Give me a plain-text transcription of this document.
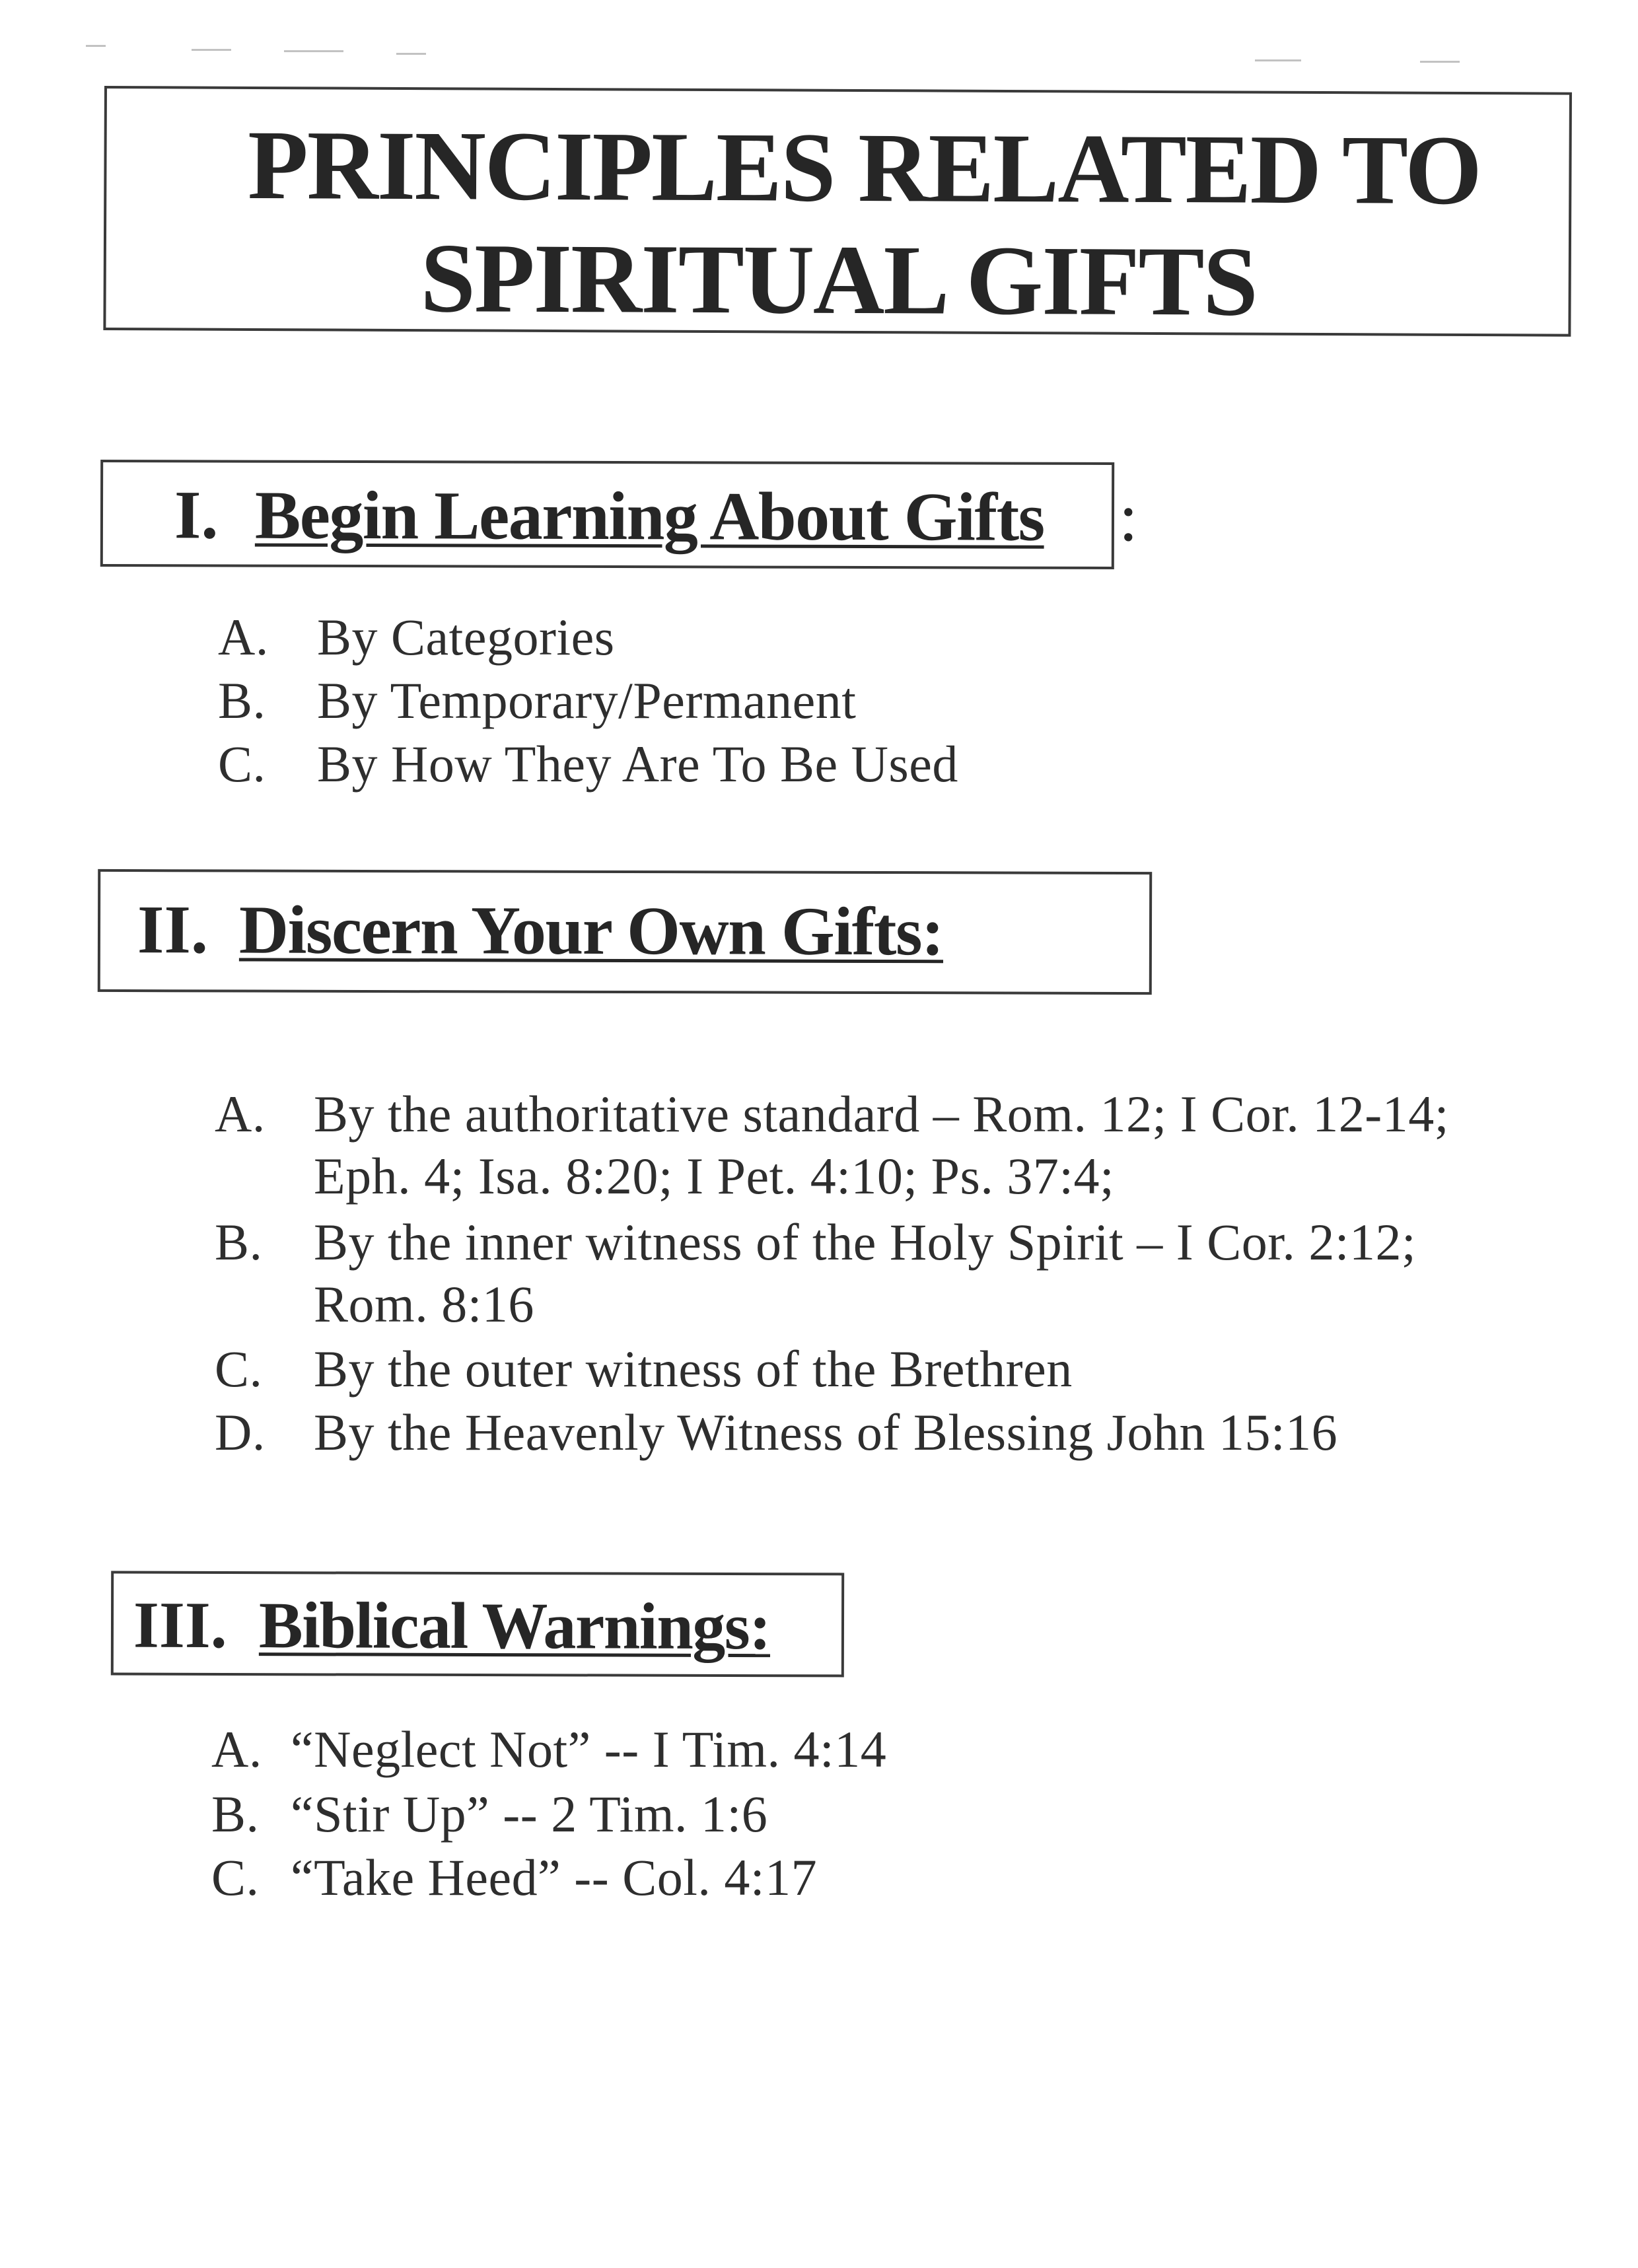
PRINCIPLES RELATED TO
SPIRITUAL GIFTS
I. Begin Learning About Gifts :
A. By Categories
B. By Temporary/Permanent
C. By How They Are To Be Used
II. Discern Your Own Gifts:
A. By the authoritative standard – Rom. 12; I Cor. 12-14;
Eph. 4; Isa. 8:20; I Pet. 4:10; Ps. 37:4;
B. By the inner witness of the Holy Spirit – I Cor. 2:12;
Rom. 8:16
C. By the outer witness of the Brethren
D. By the Heavenly Witness of Blessing John 15:16
III. Biblical Warnings:
A. “Neglect Not” -- I Tim. 4:14
B. “Stir Up” -- 2 Tim. 1:6
C. “Take Heed” -- Col. 4:17
